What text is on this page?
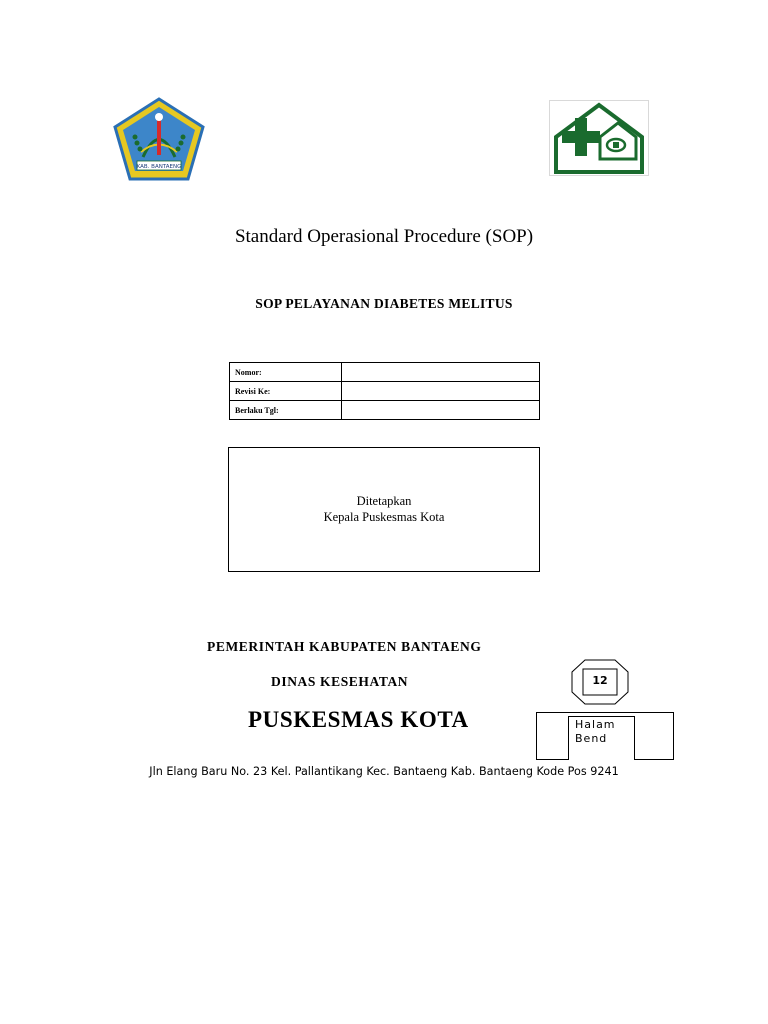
KAB. BANTAENG
Standard Operasional Procedure (SOP)
SOP PELAYANAN DIABETES MELITUS
Nomor:	
Revisi Ke:	
Berlaku Tgl:	
Ditetapkan
Kepala Puskesmas Kota
PEMERINTAH KABUPATEN BANTAENG
DINAS KESEHATAN
PUSKESMAS KOTA
12
Halam Bend
Jln Elang Baru No. 23 Kel. Pallantikang Kec. Bantaeng Kab. Bantaeng Kode Pos 9241
